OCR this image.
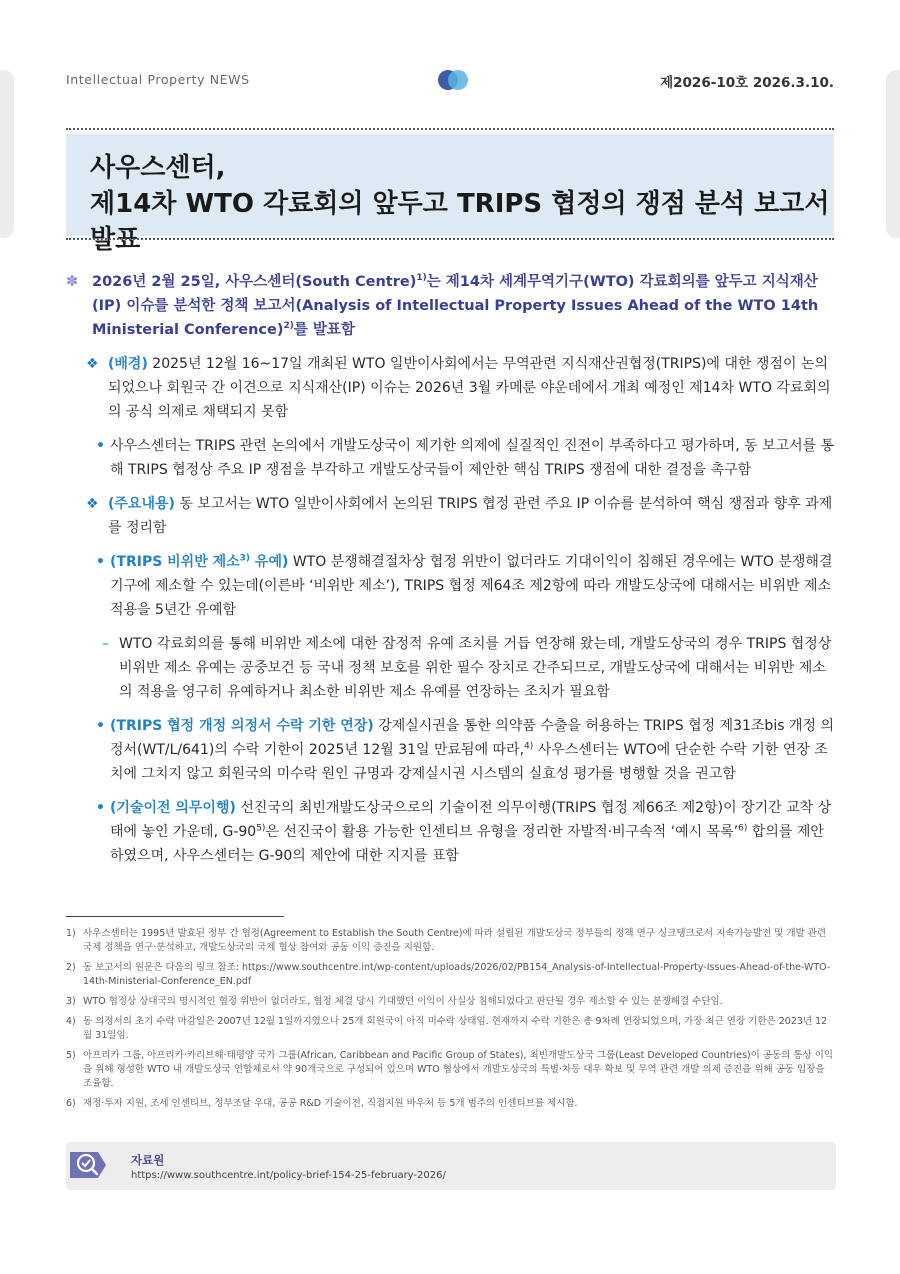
Intellectual Property NEWS	제2026-10호 2026.3.10.
사우스센터,
제14차 WTO 각료회의 앞두고 TRIPS 협정의 쟁점 분석 보고서 발표

✽ 2026년 2월 25일, 사우스센터(South Centre)$^{1)}$는 제14차 세계무역기구(WTO) 각료회의를 앞두고 지식재산(IP) 이슈를 분석한 정책 보고서(Analysis of Intellectual Property Issues Ahead of the WTO 14th Ministerial Conference)$^{2)}$를 발표함

❖ (배경) 2025년 12월 16~17일 개최된 WTO 일반이사회에서는 무역관련 지식재산권협정(TRIPS)에 대한 쟁점이 논의되었으나 회원국 간 이견으로 지식재산(IP) 이슈는 2026년 3월 카메룬 야운데에서 개최 예정인 제14차 WTO 각료회의의 공식 의제로 채택되지 못함

• 사우스센터는 TRIPS 관련 논의에서 개발도상국이 제기한 의제에 실질적인 진전이 부족하다고 평가하며, 동 보고서를 통해 TRIPS 협정상 주요 IP 쟁점을 부각하고 개발도상국들이 제안한 핵심 TRIPS 쟁점에 대한 결정을 촉구함

❖ (주요내용) 동 보고서는 WTO 일반이사회에서 논의된 TRIPS 협정 관련 주요 IP 이슈를 분석하여 핵심 쟁점과 향후 과제를 정리함

• (TRIPS 비위반 제소$^{3)}$ 유예) WTO 분쟁해결절차상 협정 위반이 없더라도 기대이익이 침해된 경우에는 WTO 분쟁해결기구에 제소할 수 있는데(이른바 ‘비위반 제소’), TRIPS 협정 제64조 제2항에 따라 개발도상국에 대해서는 비위반 제소 적용을 5년간 유예함

– WTO 각료회의를 통해 비위반 제소에 대한 잠정적 유예 조치를 거듭 연장해 왔는데, 개발도상국의 경우 TRIPS 협정상 비위반 제소 유예는 공중보건 등 국내 정책 보호를 위한 필수 장치로 간주되므로, 개발도상국에 대해서는 비위반 제소의 적용을 영구히 유예하거나 최소한 비위반 제소 유예를 연장하는 조치가 필요함

• (TRIPS 협정 개정 의정서 수락 기한 연장) 강제실시권을 통한 의약품 수출을 허용하는 TRIPS 협정 제31조bis 개정 의정서(WT/L/641)의 수락 기한이 2025년 12월 31일 만료됨에 따라,$^{4)}$ 사우스센터는 WTO에 단순한 수락 기한 연장 조치에 그치지 않고 회원국의 미수락 원인 규명과 강제실시권 시스템의 실효성 평가를 병행할 것을 권고함

• (기술이전 의무이행) 선진국의 최빈개발도상국으로의 기술이전 의무이행(TRIPS 협정 제66조 제2항)이 장기간 교착 상태에 놓인 가운데, G-90$^{5)}$은 선진국이 활용 가능한 인센티브 유형을 정리한 자발적·비구속적 ‘예시 목록’$^{6)}$ 합의를 제안하였으며, 사우스센터는 G-90의 제안에 대한 지지를 표함

1) 사우스센터는 1995년 발효된 정부 간 협정(Agreement to Establish the South Centre)에 따라 설립된 개발도상국 정부들의 정책 연구 싱크탱크로서 지속가능발전 및 개발 관련 국제 정책을 연구·분석하고, 개발도상국의 국제 협상 참여와 공동 이익 증진을 지원함.

2) 동 보고서의 원문은 다음의 링크 참조: https://www.southcentre.int/wp-content/uploads/2026/02/PB154_Analysis-of-Intellectual-Property-Issues-Ahead-of-the-WTO-14th-Ministerial-Conference_EN.pdf

3) WTO 협정상 상대국의 명시적인 협정 위반이 없더라도, 협정 체결 당시 기대했던 이익이 사실상 침해되었다고 판단될 경우 제소할 수 있는 분쟁해결 수단임.

4) 동 의정서의 초기 수락 마감일은 2007년 12월 1일까지였으나 25개 회원국이 아직 미수락 상태임. 현재까지 수락 기한은 총 9차례 연장되었으며, 가장 최근 연장 기한은 2023년 12월 31일임.

5) 아프리카 그룹, 아프리카·카리브해·태평양 국가 그룹(African, Caribbean and Pacific Group of States), 최빈개발도상국 그룹(Least Developed Countries)이 공동의 통상 이익을 위해 형성한 WTO 내 개발도상국 연합체로서 약 90개국으로 구성되어 있으며 WTO 협상에서 개발도상국의 특별·차등 대우 확보 및 무역 관련 개발 의제 증진을 위해 공동 입장을 조율함.

6) 재정·투자 지원, 조세 인센티브, 정부조달 우대, 공공 R&D 기술이전, 직접지원 바우처 등 5개 범주의 인센티브를 제시함.

자료원
https://www.southcentre.int/policy-brief-154-25-february-2026/
